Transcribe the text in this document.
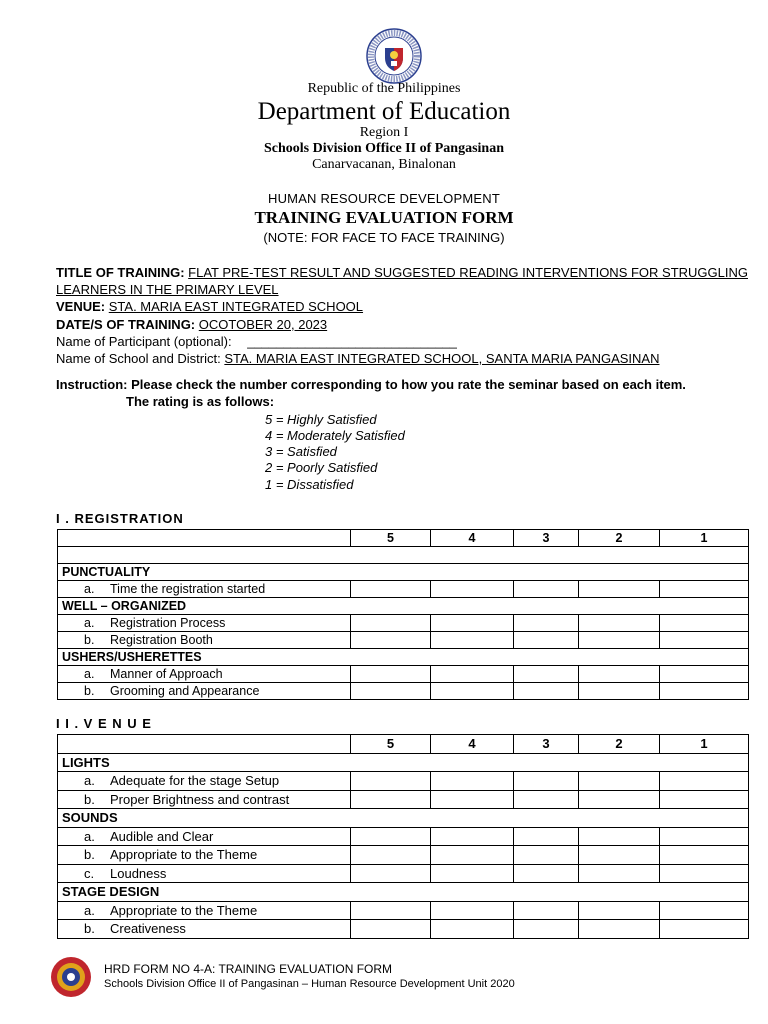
Republic of the Philippines
Department of Education
Region I
Schools Division Office II of Pangasinan
Canarvacanan, Binalonan
HUMAN RESOURCE DEVELOPMENT
TRAINING EVALUATION FORM
(NOTE: FOR FACE TO FACE TRAINING)
TITLE OF TRAINING: FLAT PRE-TEST RESULT AND SUGGESTED READING INTERVENTIONS FOR STRUGGLING
LEARNERS IN THE PRIMARY LEVEL
VENUE: STA. MARIA EAST INTEGRATED SCHOOL
DATE/S OF TRAINING: OCOTOBER 20, 2023
Name of Participant (optional): _____________________________
Name of School and District: STA. MARIA EAST INTEGRATED SCHOOL, SANTA MARIA PANGASINAN
Instruction: Please check the number corresponding to how you rate the seminar based on each item.
The rating is as follows:
5 = Highly Satisfied
4 = Moderately Satisfied
3 = Satisfied
2 = Poorly Satisfied
1 = Dissatisfied
I . REGISTRATION
	5	4	3	2	1

PUNCTUALITY					
a. Time the registration started					
WELL – ORGANIZED					
a. Registration Process					
b. Registration Booth					
USHERS/USHERETTES					
a. Manner of Approach					
b. Grooming and Appearance					
I I . V E N U E
	5	4	3	2	1
LIGHTS					
a. Adequate for the stage Setup					
b. Proper Brightness and contrast					
SOUNDS					
a. Audible and Clear					
b. Appropriate to the Theme					
c. Loudness					
STAGE DESIGN					
a. Appropriate to the Theme					
b. Creativeness					
HRD FORM NO 4-A: TRAINING EVALUATION FORM
Schools Division Office II of Pangasinan – Human Resource Development Unit 2020
